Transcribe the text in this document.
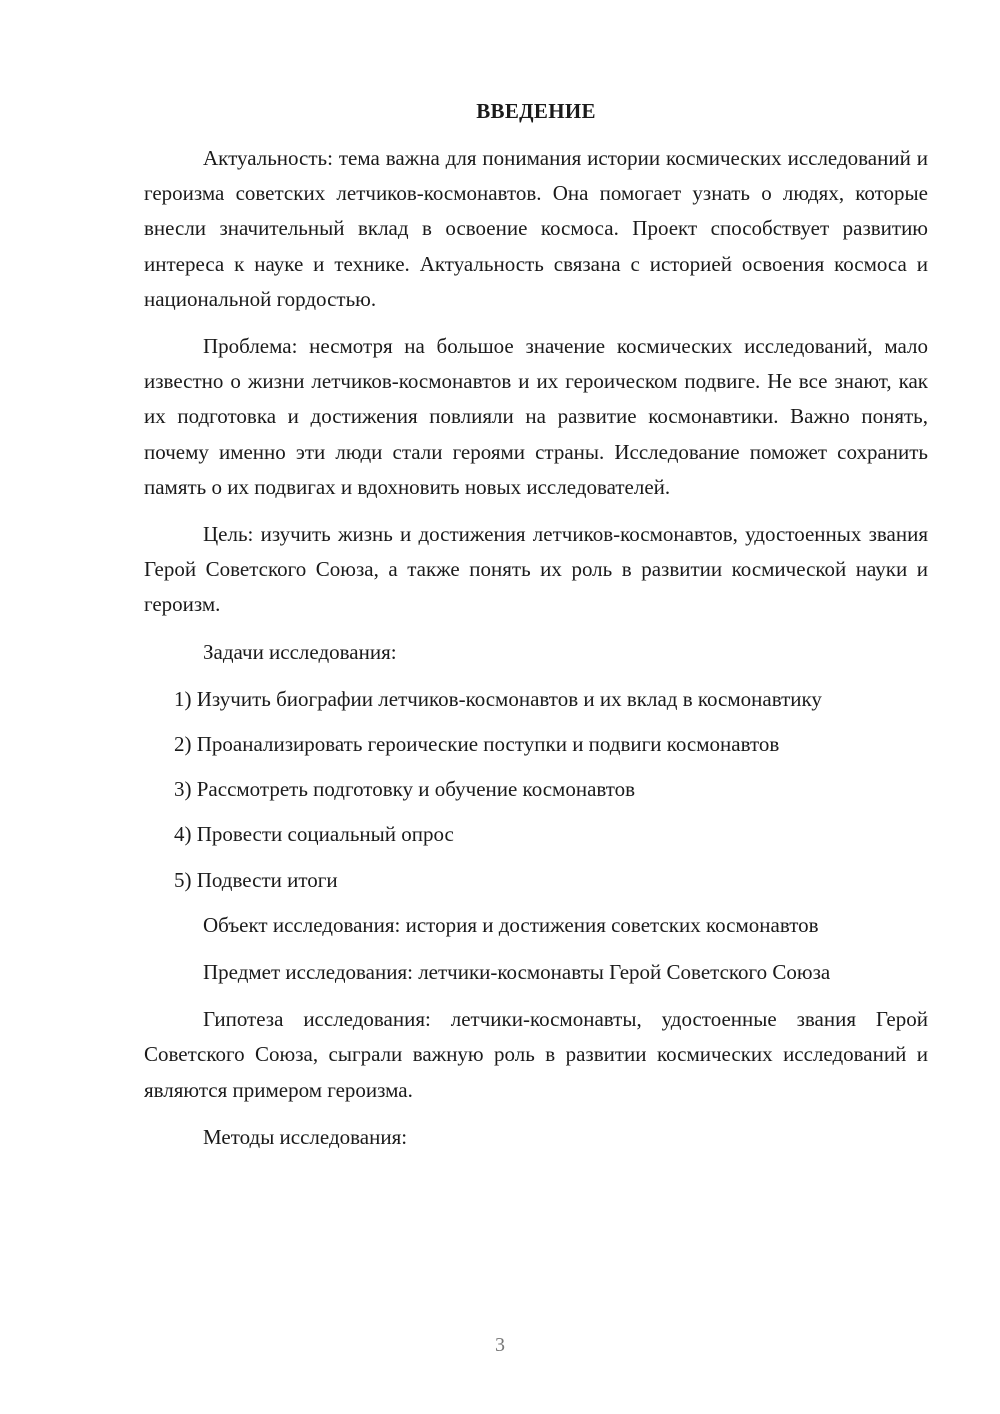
ВВЕДЕНИЕ

Актуальность: тема важна для понимания истории космических исследований и героизма советских летчиков-космонавтов. Она помогает узнать о людях, которые внесли значительный вклад в освоение космоса. Проект способствует развитию интереса к науке и технике. Актуальность связана с историей освоения космоса и национальной гордостью.

Проблема: несмотря на большое значение космических исследований, мало известно о жизни летчиков-космонавтов и их героическом подвиге. Не все знают, как их подготовка и достижения повлияли на развитие космонавтики. Важно понять, почему именно эти люди стали героями страны. Исследование поможет сохранить память о их подвигах и вдохновить новых исследователей.

Цель: изучить жизнь и достижения летчиков-космонавтов, удостоенных звания Герой Советского Союза, а также понять их роль в развитии космической науки и героизм.

Задачи исследования:

1) Изучить биографии летчиков-космонавтов и их вклад в космонавтику

2) Проанализировать героические поступки и подвиги космонавтов

3) Рассмотреть подготовку и обучение космонавтов

4) Провести социальный опрос

5) Подвести итоги

Объект исследования: история и достижения советских космонавтов

Предмет исследования: летчики-космонавты Герой Советского Союза

Гипотеза исследования: летчики-космонавты, удостоенные звания Герой Советского Союза, сыграли важную роль в развитии космических исследований и являются примером героизма.

Методы исследования:

3
